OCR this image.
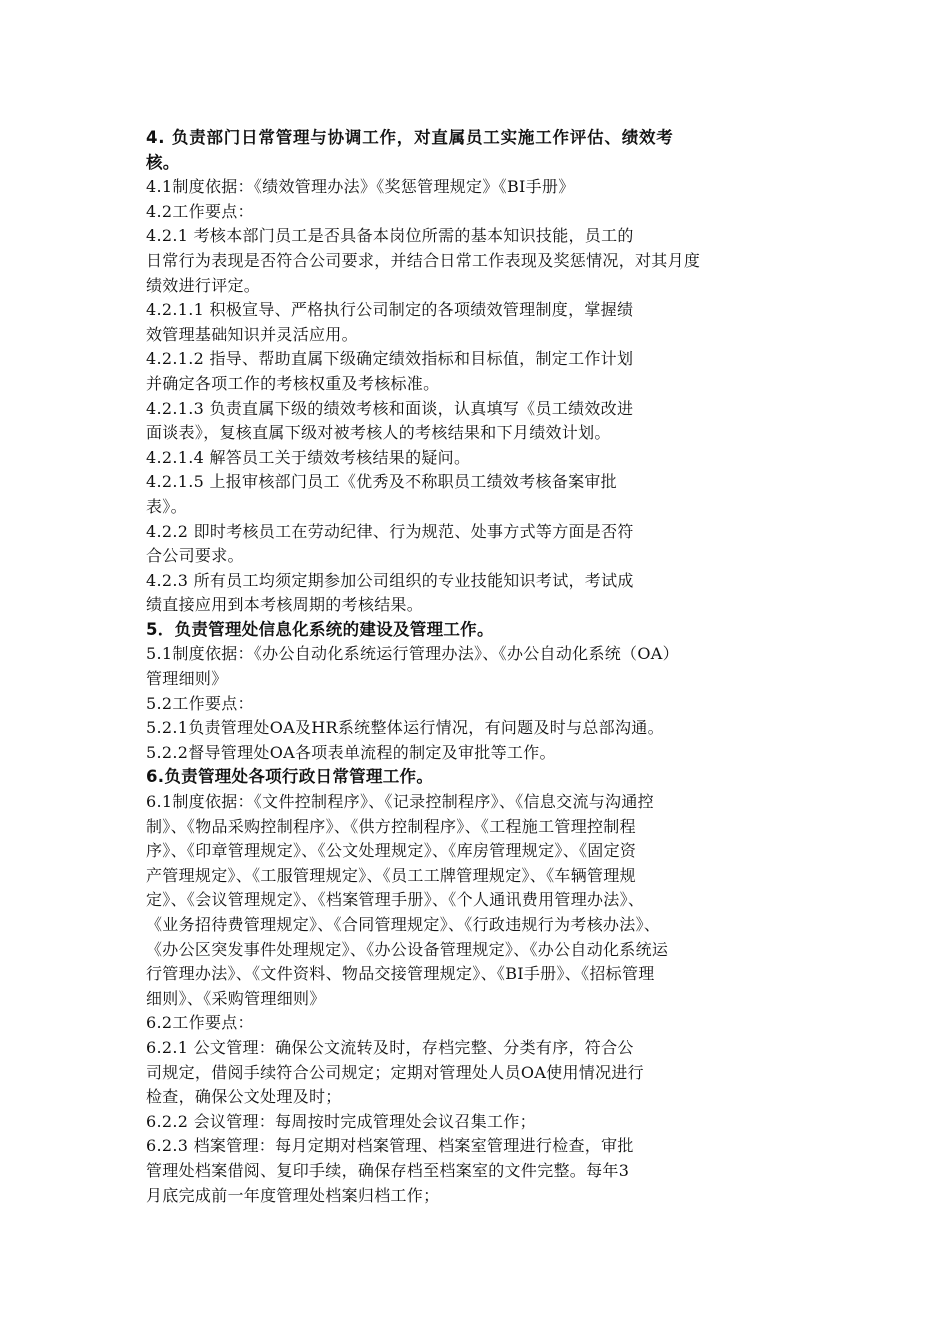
4. 负责部门日常管理与协调工作，对直属员工实施工作评估、绩效考
核。
4.1制度依据：《绩效管理办法》《奖惩管理规定》《BI手册》
4.2工作要点：
4.2.1 考核本部门员工是否具备本岗位所需的基本知识技能，员工的
日常行为表现是否符合公司要求，并结合日常工作表现及奖惩情况，对其月度
绩效进行评定。
4.2.1.1 积极宣导、严格执行公司制定的各项绩效管理制度，掌握绩
效管理基础知识并灵活应用。
4.2.1.2 指导、帮助直属下级确定绩效指标和目标值，制定工作计划
并确定各项工作的考核权重及考核标准。
4.2.1.3 负责直属下级的绩效考核和面谈，认真填写《员工绩效改进
面谈表》，复核直属下级对被考核人的考核结果和下月绩效计划。
4.2.1.4 解答员工关于绩效考核结果的疑问。
4.2.1.5 上报审核部门员工《优秀及不称职员工绩效考核备案审批
表》。
4.2.2 即时考核员工在劳动纪律、行为规范、处事方式等方面是否符
合公司要求。
4.2.3 所有员工均须定期参加公司组织的专业技能知识考试，考试成
绩直接应用到本考核周期的考核结果。
5．负责管理处信息化系统的建设及管理工作。
5.1制度依据：《办公自动化系统运行管理办法》、《办公自动化系统（OA）
管理细则》
5.2工作要点：
5.2.1负责管理处OA及HR系统整体运行情况，有问题及时与总部沟通。
5.2.2督导管理处OA各项表单流程的制定及审批等工作。
6.负责管理处各项行政日常管理工作。
6.1制度依据：《文件控制程序》、《记录控制程序》、《信息交流与沟通控
制》、《物品采购控制程序》、《供方控制程序》、《工程施工管理控制程
序》、《印章管理规定》、《公文处理规定》、《库房管理规定》、《固定资
产管理规定》、《工服管理规定》、《员工工牌管理规定》、《车辆管理规
定》、《会议管理规定》、《档案管理手册》、《个人通讯费用管理办法》、
《业务招待费管理规定》、《合同管理规定》、《行政违规行为考核办法》、
《办公区突发事件处理规定》、《办公设备管理规定》、《办公自动化系统运
行管理办法》、《文件资料、物品交接管理规定》、《BI手册》、《招标管理
细则》、《采购管理细则》
6.2工作要点：
6.2.1 公文管理：确保公文流转及时，存档完整、分类有序，符合公
司规定，借阅手续符合公司规定；定期对管理处人员OA使用情况进行
检查，确保公文处理及时；
6.2.2 会议管理：每周按时完成管理处会议召集工作；
6.2.3 档案管理：每月定期对档案管理、档案室管理进行检查，审批
管理处档案借阅、复印手续，确保存档至档案室的文件完整。每年3
月底完成前一年度管理处档案归档工作；
